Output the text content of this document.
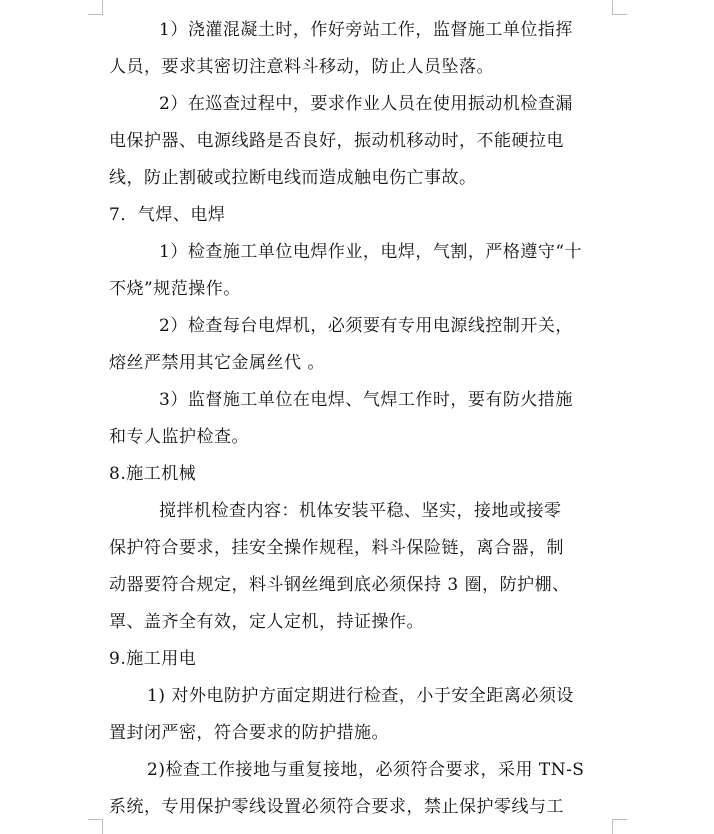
1）浇灌混凝土时，作好旁站工作，监督施工单位指挥
人员，要求其密切注意料斗移动，防止人员坠落。

2）在巡查过程中，要求作业人员在使用振动机检查漏
电保护器、电源线路是否良好，振动机移动时，不能硬拉电
线，防止割破或拉断电线而造成触电伤亡事故。

7．气焊、电焊

1）检查施工单位电焊作业，电焊，气割，严格遵守“十
不烧”规范操作。

2）检查每台电焊机，必须要有专用电源线控制开关，
熔丝严禁用其它金属丝代 。

3）监督施工单位在电焊、气焊工作时，要有防火措施
和专人监护检查。

8.施工机械

搅拌机检查内容：机体安装平稳、坚实，接地或接零
保护符合要求，挂安全操作规程，料斗保险链，离合器，制
动器要符合规定，料斗钢丝绳到底必须保持 3 圈，防护棚、
罩、盖齐全有效，定人定机，持证操作。

9.施工用电

1) 对外电防护方面定期进行检查，小于安全距离必须设
置封闭严密，符合要求的防护措施。

2)检查工作接地与重复接地，必须符合要求，采用 TN-S
系统，专用保护零线设置必须符合要求，禁止保护零线与工
